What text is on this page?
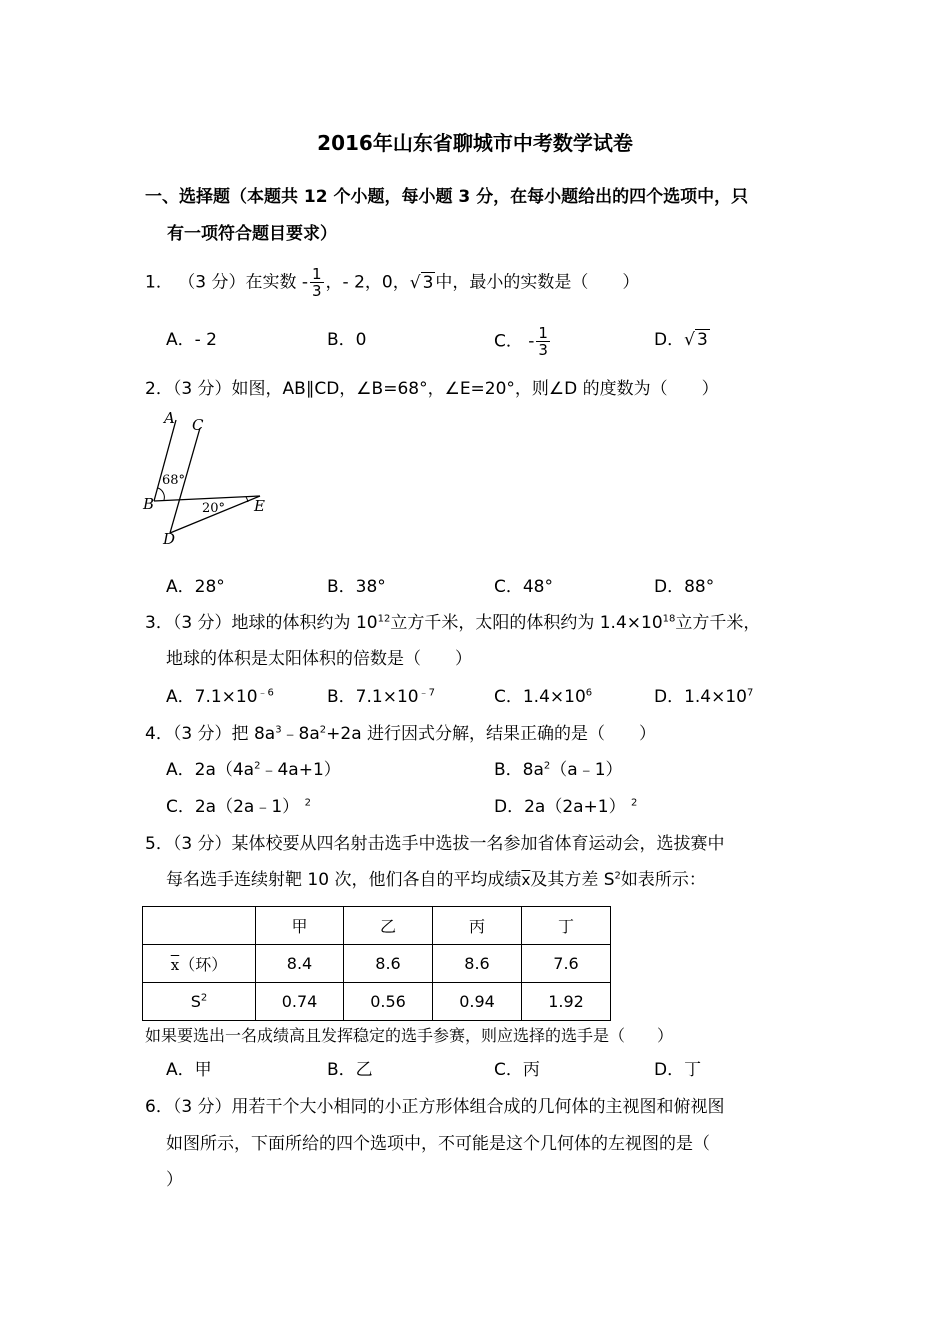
2016年山东省聊城市中考数学试卷
一、选择题（本题共 12 个小题，每小题 3 分，在每小题给出的四个选项中，只
有一项符合题目要求）
1． （3 分）在实数 - $\frac{1}{3}$ ，‐ 2，0，√ 3 中，最小的实数是（　　）
A．‐ 2	B．0	C． - $\frac{1}{3}$	D．√ 3
2．（3 分）如图，AB∥CD，∠B=68°，∠E=20°，则∠D 的度数为（　　）
A C
B	E
D
68°
20°
A．28°	B．38°	C．48°	D．88°
3．（3 分）地球的体积约为 $10^{12}$立方千米，太阳的体积约为 $1.4\times 10^{18}$立方千米，
地球的体积是太阳体积的倍数是（　　）
A．$7.1\times 10^{﹣6}$	B．$7.1\times 10^{﹣7}$	C．$1.4\times 10^6$	D．$1.4\times 10^7$
4．（3 分）把 $8a^3﹣8a^2+2a$ 进行因式分解，结果正确的是（　　）
A．$2a(4a^2﹣4a+1)$	B．$8a^2(a﹣1)$
C．2a（2a﹣1） $^2$	D．2a（2a+1） $^2$
5．（3 分）某体校要从四名射击选手中选拔一名参加省体育运动会，选拔赛中
每名选手连续射靶 10 次，他们各自的平均成绩$\overline{x}$及其方差 $S^2$如表所示：
	甲	乙	丙	丁
$\overline{x}$（环）	8.4	8.6	8.6	7.6
$S^2$	0.74	0.56	0.94	1.92
如果要选出一名成绩高且发挥稳定的选手参赛，则应选择的选手是（　　）
A．甲	B．乙	C．丙	D．丁
6．（3 分）用若干个大小相同的小正方形体组合成的几何体的主视图和俯视图
如图所示，下面所给的四个选项中，不可能是这个几何体的左视图的是（
）
